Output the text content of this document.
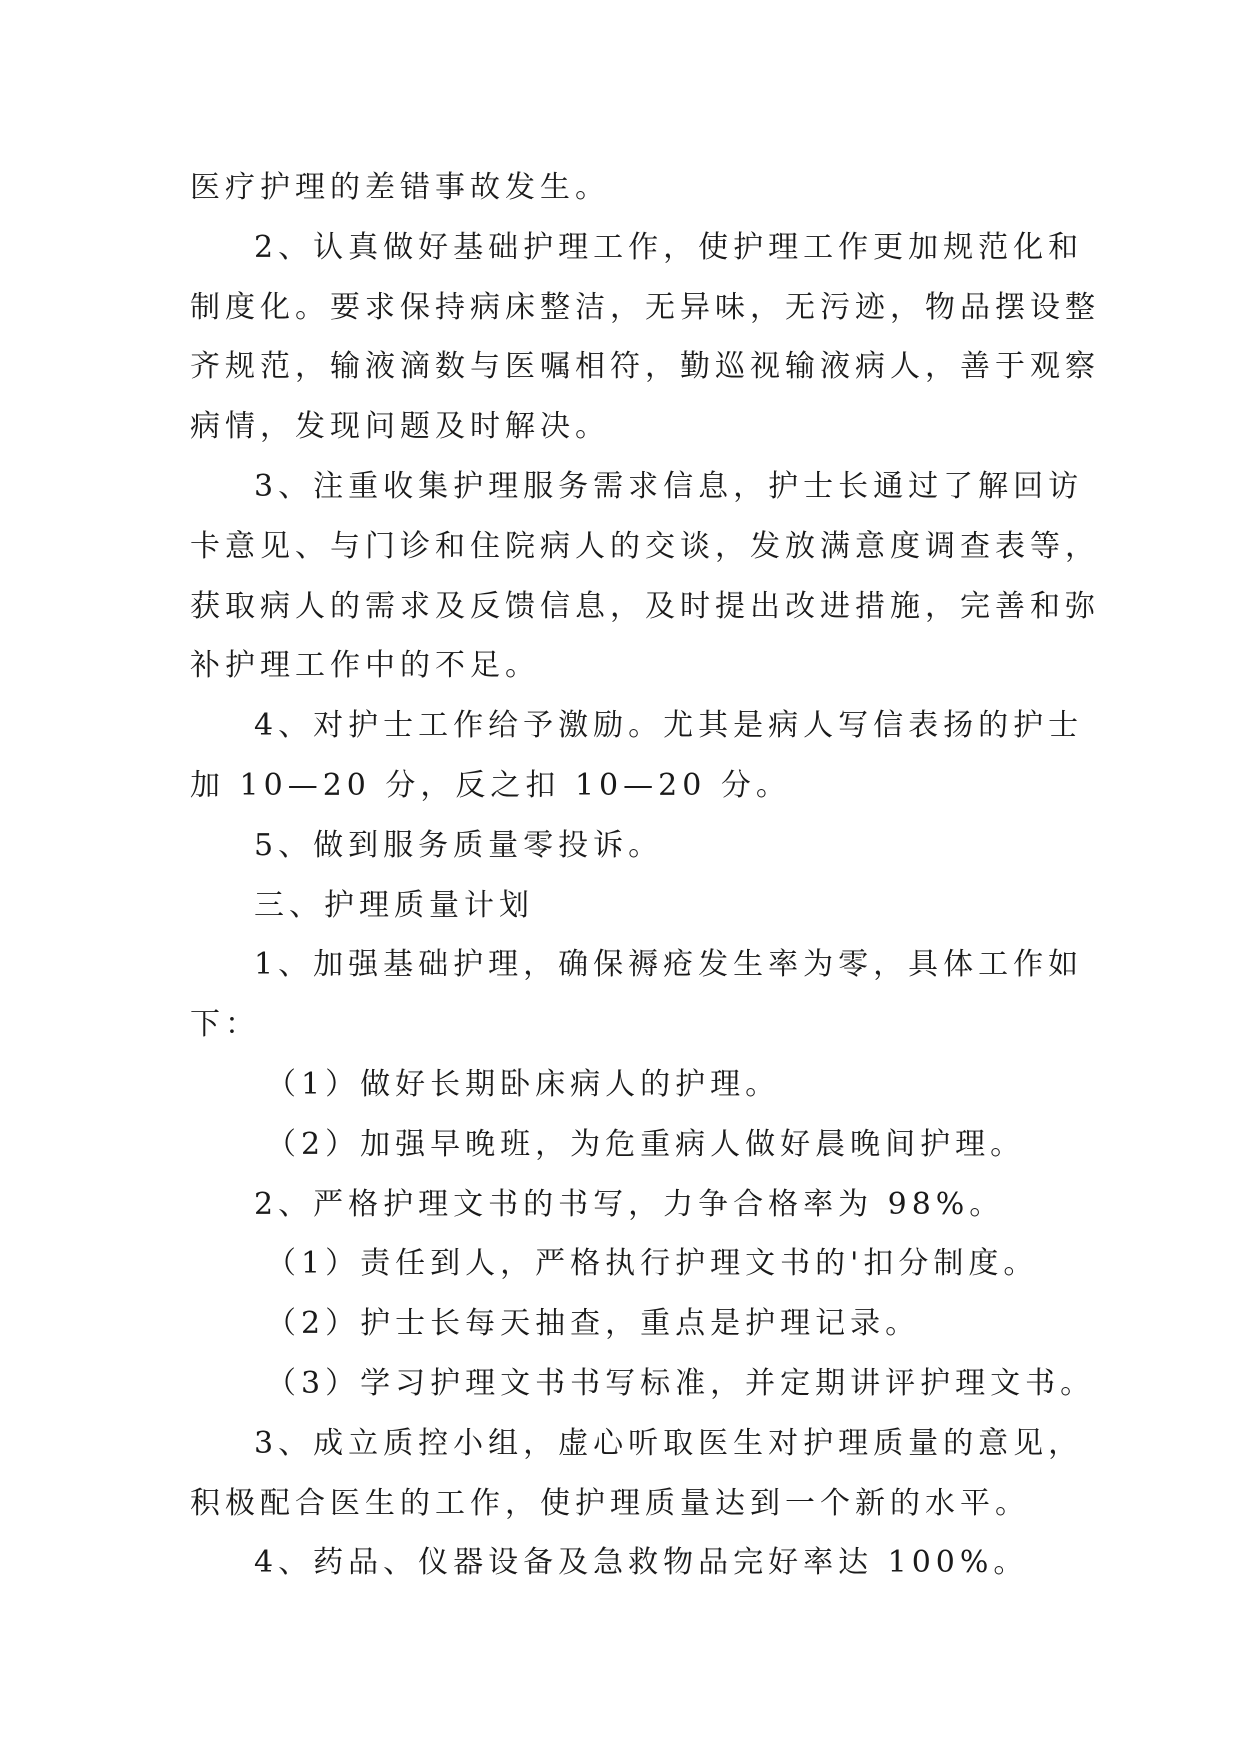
医疗护理的差错事故发生。

2、认真做好基础护理工作，使护理工作更加规范化和

制度化。要求保持病床整洁，无异味，无污迹，物品摆设整

齐规范，输液滴数与医嘱相符，勤巡视输液病人，善于观察

病情，发现问题及时解决。

3、注重收集护理服务需求信息，护士长通过了解回访

卡意见、与门诊和住院病人的交谈，发放满意度调查表等，

获取病人的需求及反馈信息，及时提出改进措施，完善和弥

补护理工作中的不足。

4、对护士工作给予激励。尤其是病人写信表扬的护士

加 10—20 分，反之扣 10—20 分。

5、做到服务质量零投诉。

三、护理质量计划

1、加强基础护理，确保褥疮发生率为零，具体工作如

下：

（1）做好长期卧床病人的护理。

（2）加强早晚班，为危重病人做好晨晚间护理。

2、严格护理文书的书写，力争合格率为 98%。

（1）责任到人，严格执行护理文书的'扣分制度。

（2）护士长每天抽查，重点是护理记录。

（3）学习护理文书书写标准，并定期讲评护理文书。

3、成立质控小组，虚心听取医生对护理质量的意见，

积极配合医生的工作，使护理质量达到一个新的水平。

4、药品、仪器设备及急救物品完好率达 100%。
